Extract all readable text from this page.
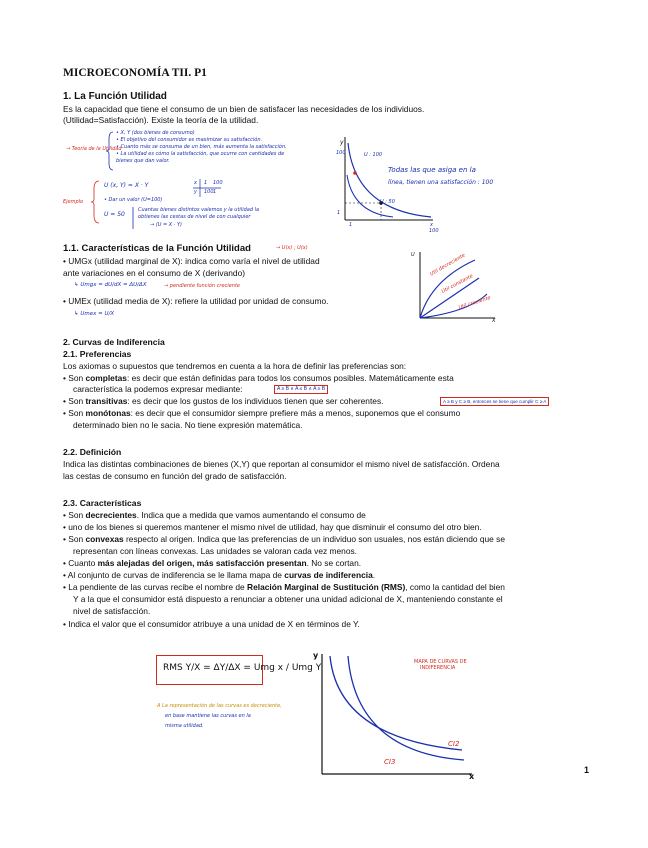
MICROECONOMÍA TII. P1
1. La Función Utilidad
Es la capacidad que tiene el consumo de un bien de satisfacer las necesidades de los individuos.
(Utilidad=Satisfacción). Existe la teoría de la utilidad.
→ Teoría de la Utilidad
• X, Y (dos bienes de consumo)
• El objetivo del consumidor es maximizar su satisfacción.
• Cuanto más se consuma de un bien, más aumenta la satisfacción.
• La utilidad es cómo la satisfacción, que ocurre con cantidades de
bienes que dan valor.
Ejemplo
U (x, Y) = X · Y
• Dar un valor (U=100)
U = 50
Cuantas bienes distintos valemos y la utilidad la
obtienes las cestas de nivel de con cualquier
→ (U = X · Y)
x
y
1 100
100 1
y
100
1
1	x
100
U : 100
U : 50
Todas las que asiga en la
línea, tienen una satisfacción : 100
1.1. Características de la Función Utilidad	→ U(x) ; U(x)
• UMGx (utilidad marginal de X): indica como varía el nivel de utilidad
ante variaciones en el consumo de X (derivando)
↳ Umgx = dU/dX = ΔU/ΔX	→ pendiente función creciente
• UMEx (utilidad media de X): refiere la utilidad por unidad de consumo.
↳ Umex = U/X
U
X
Util decreciente
Util constante
Util creciente
2. Curvas de Indiferencia
2.1. Preferencias
Los axiomas o supuestos que tendremos en cuenta a la hora de definir las preferencias son:
• Son completas: es decir que están definidas para todos los consumos posibles. Matemáticamente esta
característica la podemos expresar mediante:	A ≥ B ∧ A ≤ B ∧ A ≥ B
• Son transitivas: es decir que los gustos de los individuos tienen que ser coherentes.	A ≥ B y C ≥ B, entonces se tiene que cumplir C ≥ A
• Son monótonas: es decir que el consumidor siempre prefiere más a menos, suponemos que el consumo
determinado bien no le sacia. No tiene expresión matemática.
2.2. Definición
Indica las distintas combinaciones de bienes (X,Y) que reportan al consumidor el mismo nivel de satisfacción. Ordena
las cestas de consumo en función del grado de satisfacción.
2.3. Características
• Son decrecientes. Indica que a medida que vamos aumentando el consumo de
• uno de los bienes si queremos mantener el mismo nivel de utilidad, hay que disminuir el consumo del otro bien.
• Son convexas respecto al origen. Indica que las preferencias de un individuo son usuales, nos están diciendo que se
representan con líneas convexas. Las unidades se valoran cada vez menos.
• Cuanto más alejadas del origen, más satisfacción presentan. No se cortan.
• Al conjunto de curvas de indiferencia se le llama mapa de curvas de indiferencia.
• La pendiente de las curvas recibe el nombre de Relación Marginal de Sustitución (RMS), como la cantidad del bien
Y a la que el consumidor está dispuesto a renunciar a obtener una unidad adicional de X, manteniendo constante el
nivel de satisfacción.
• Indica el valor que el consumidor atribuye a una unidad de X en términos de Y.
RMS Y/X = ΔY/ΔX = Umg x / Umg Y
A La representación de las curvas es decreciente,
en base mantiene las curvas en la
misma utilidad.
y
x
MAPA DE CURVAS DE
INDIFERENCIA
CI2
CI3
1
